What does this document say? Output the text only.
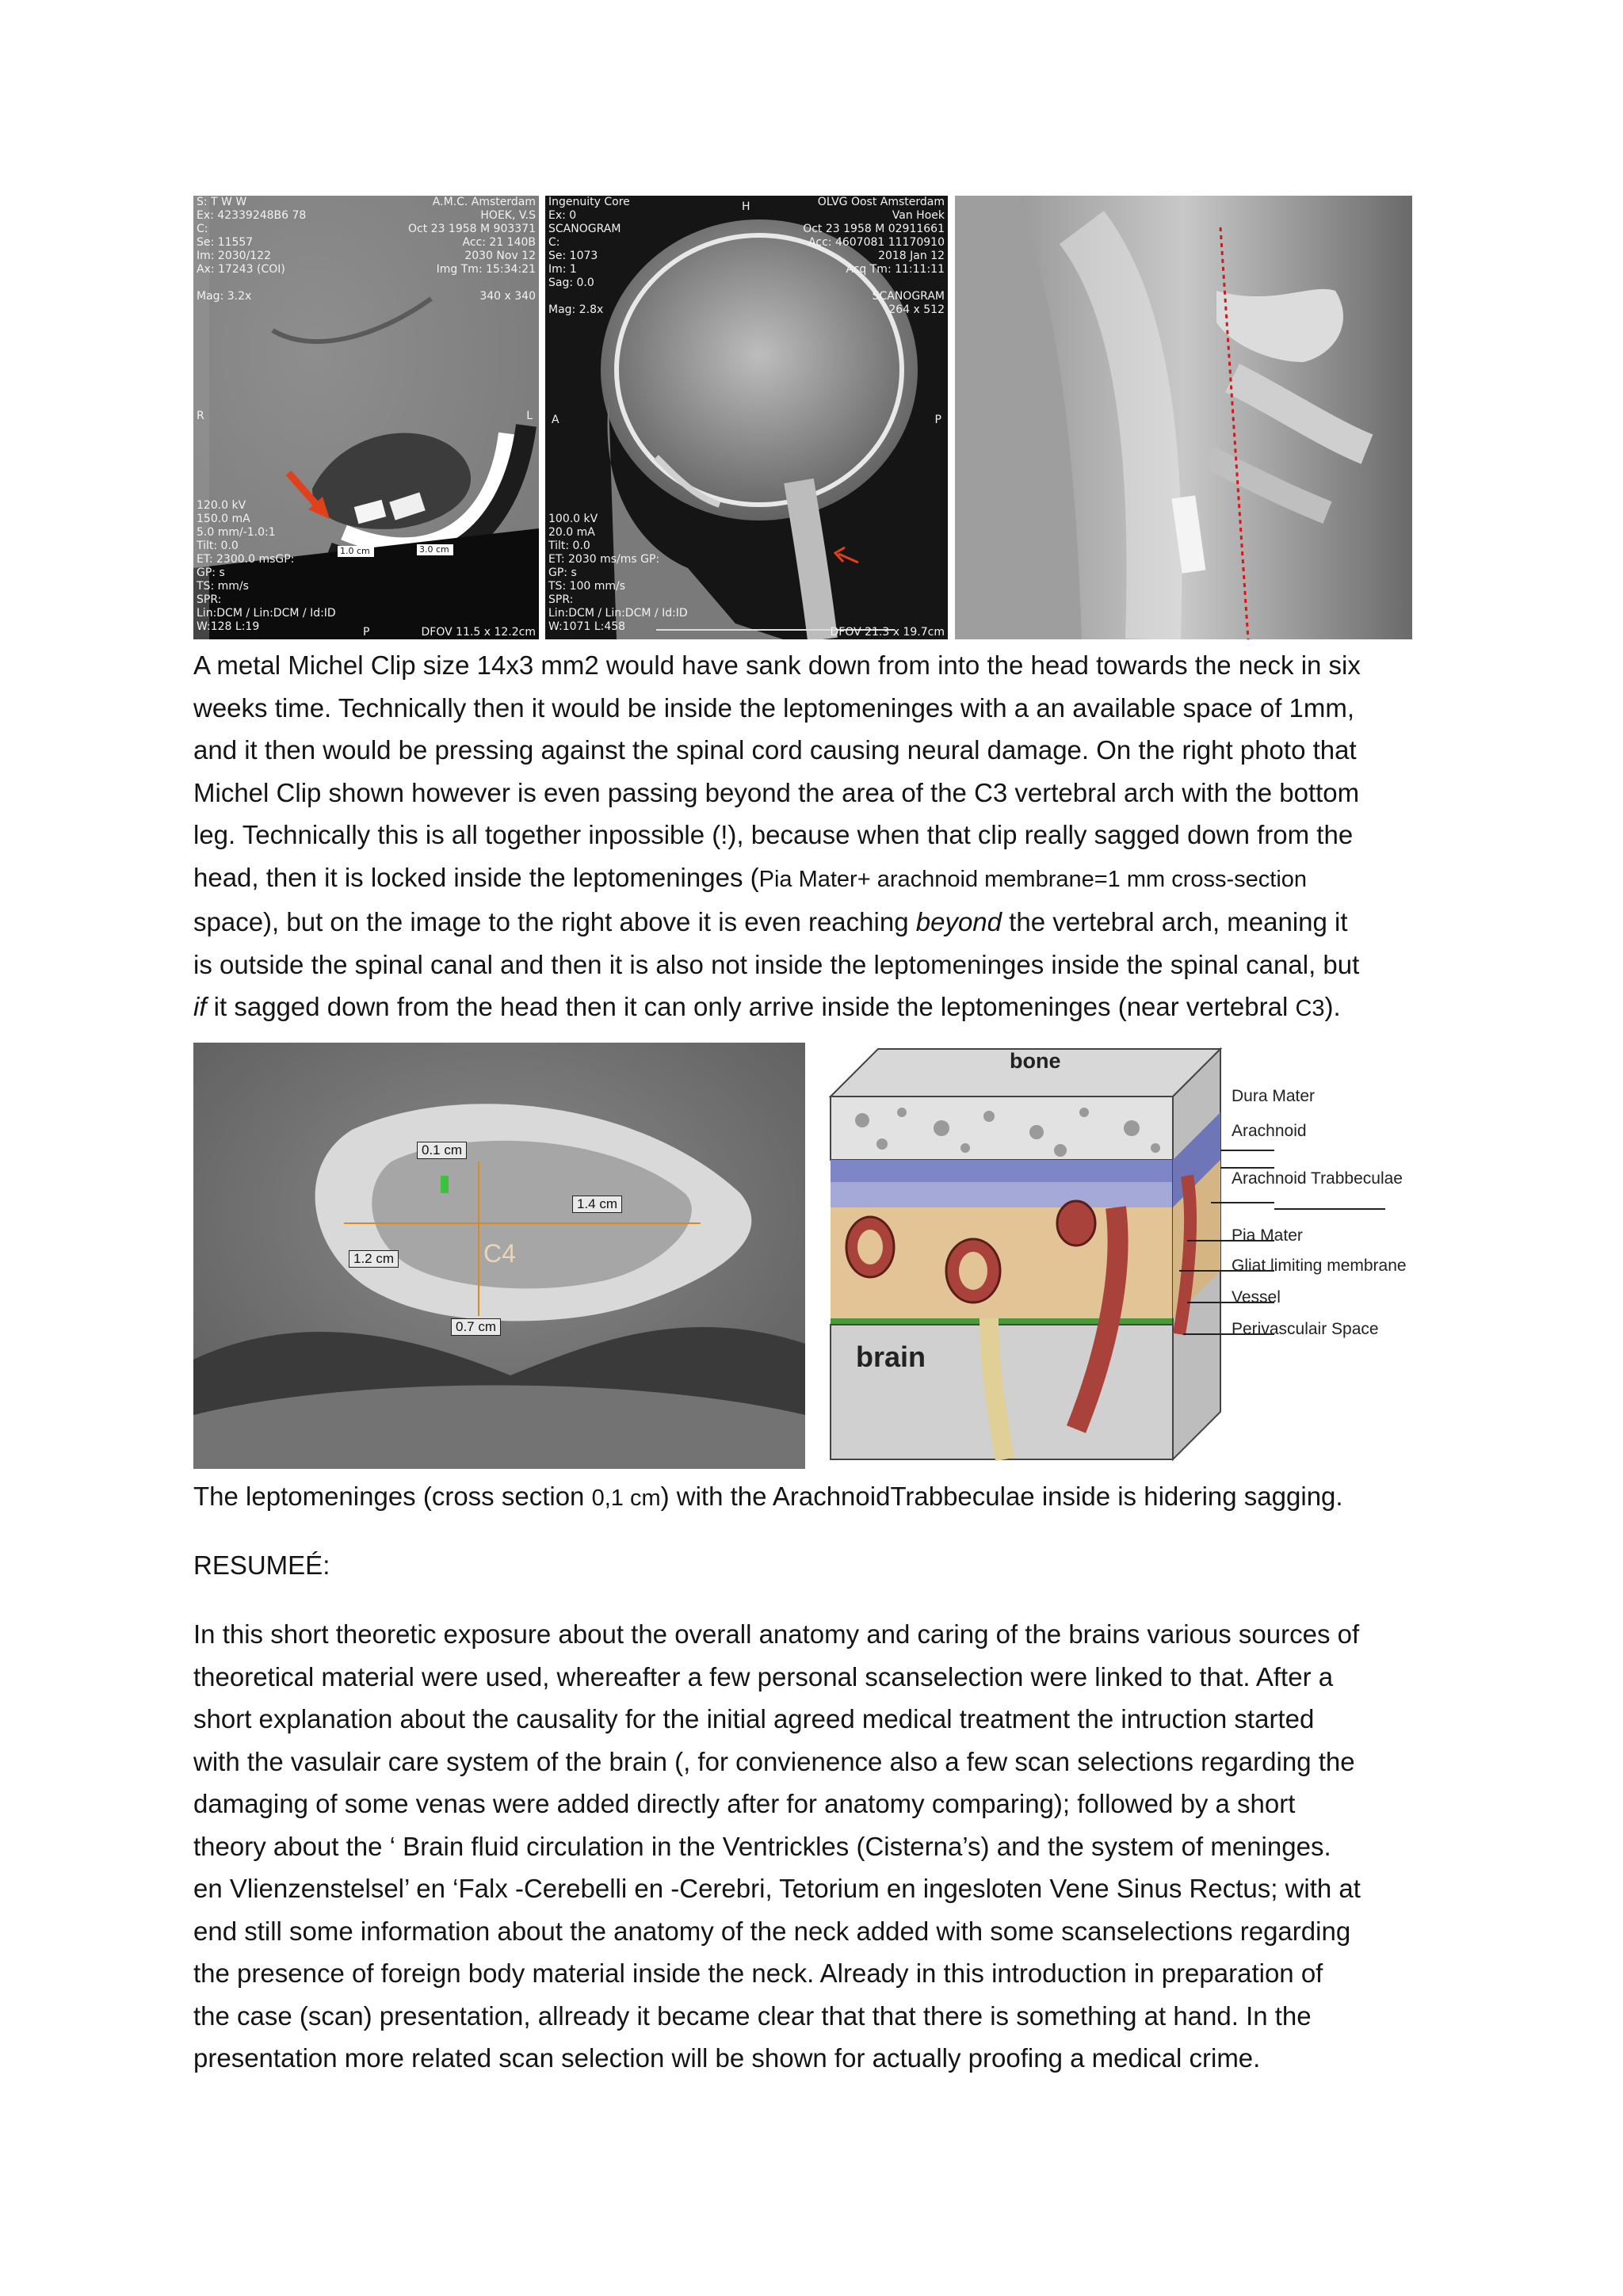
S: T W W
Ex: 42339248B6 78
C:
Se: 11557
Im: 2030/122
Ax: 17243 (COI)

Mag: 3.2x
A.M.C. Amsterdam
HOEK, V.S
Oct 23 1958 M 903371
Acc: 21 140B
2030 Nov 12
Img Tm: 15:34:21

340 x 340
120.0 kV
150.0 mA
5.0 mm/-1.0:1
Tilt: 0.0
ET: 2300.0 msGP:
GP: s
TS: mm/s
SPR:
Lin:DCM / Lin:DCM / Id:ID
W:128 L:19	DFOV 11.5 x 12.2cm
R	L
P
1.0 cm	3.0 cm
Ingenuity Core
Ex: 0
SCANOGRAM
C:
Se: 1073
Im: 1
Sag: 0.0

Mag: 2.8x
OLVG Oost Amsterdam
Van Hoek
Oct 23 1958 M 02911661
Acc: 4607081 11170910
2018 Jan 12
Acq Tm: 11:11:11

SCANOGRAM
264 x 512
100.0 kV
20.0 mA
Tilt: 0.0
ET: 2030 ms/ms GP:
GP: s
TS: 100 mm/s
SPR:
Lin:DCM / Lin:DCM / Id:ID
W:1071 L:458	DFOV 21.3 x 19.7cm
A	P
H

A metal Michel Clip size 14x3 mm2 would have sank down from into the head towards the neck in six

weeks time. Technically then it would be inside the leptomeninges with a an available space of 1mm,

and it then would be pressing against the spinal cord causing neural damage. On the right photo that

Michel Clip shown however is even passing beyond the area of the C3 vertebral arch with the bottom

leg. Technically this is all together inpossible (!), because when that clip really sagged down from the

head, then it is locked inside the leptomeninges (Pia Mater+ arachnoid membrane=1 mm cross-section

space), but on the image to the right above it is even reaching beyond the vertebral arch, meaning it

is outside the spinal canal and then it is also not inside the leptomeninges inside the spinal canal, but

if it sagged down from the head then it can only arrive inside the leptomeninges (near vertebral C3).

0.1 cm
1.4 cm
1.2 cm
0.7 cm
C4
bone
brain
Dura Mater
Arachnoid
Arachnoid Trabbeculae
Pia Mater
Gliat limiting membrane
Vessel
Perivasculair Space

The leptomeninges (cross section 0,1 cm) with the ArachnoidTrabbeculae inside is hidering sagging.

RESUMEÉ:

In this short theoretic exposure about the overall anatomy and caring of the brains various sources of

theoretical material were used, whereafter a few personal scanselection were linked to that. After a

short explanation about the causality for the initial agreed medical treatment the intruction started

with the vasulair care system of the brain (, for convienence also a few scan selections regarding the

damaging of some venas were added directly after for anatomy comparing); followed by a short

theory about the ‘ Brain fluid circulation in the Ventrickles (Cisterna’s) and the system of meninges.

en Vlienzenstelsel’ en ‘Falx -Cerebelli en -Cerebri, Tetorium en ingesloten Vene Sinus Rectus; with at

end still some information about the anatomy of the neck added with some scanselections regarding

the presence of foreign body material inside the neck. Already in this introduction in preparation of

the case (scan) presentation, allready it became clear that that there is something at hand. In the

presentation more related scan selection will be shown for actually proofing a medical crime.
